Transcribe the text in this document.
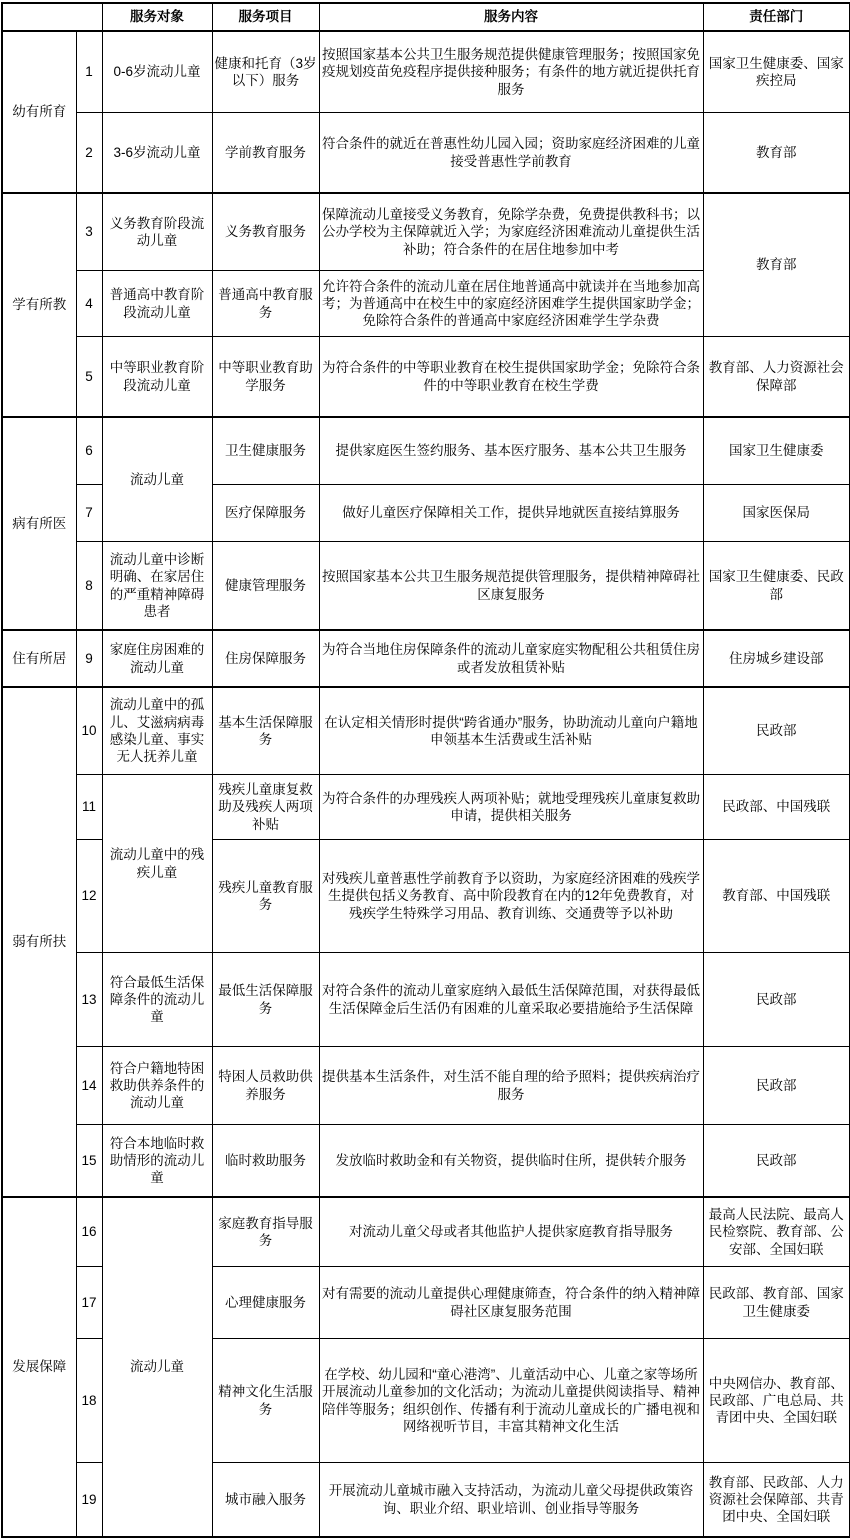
		服务对象	服务项目	服务内容	责任部门
幼有所育	1	0-6岁流动儿童	健康和托育（3岁以下）服务	按照国家基本公共卫生服务规范提供健康管理服务；按照国家免疫规划疫苗免疫程序提供接种服务；有条件的地方就近提供托育服务	国家卫生健康委、国家疾控局
	2	3-6岁流动儿童	学前教育服务	符合条件的就近在普惠性幼儿园入园；资助家庭经济困难的儿童接受普惠性学前教育	教育部
学有所教	3	义务教育阶段流动儿童	义务教育服务	保障流动儿童接受义务教育，免除学杂费，免费提供教科书；以公办学校为主保障就近入学；为家庭经济困难流动儿童提供生活补助；符合条件的在居住地参加中考	教育部
	4	普通高中教育阶段流动儿童	普通高中教育服务	允许符合条件的流动儿童在居住地普通高中就读并在当地参加高考；为普通高中在校生中的家庭经济困难学生提供国家助学金；免除符合条件的普通高中家庭经济困难学生学杂费	
	5	中等职业教育阶段流动儿童	中等职业教育助学服务	为符合条件的中等职业教育在校生提供国家助学金；免除符合条件的中等职业教育在校生学费	教育部、人力资源社会保障部
病有所医	6	流动儿童	卫生健康服务	提供家庭医生签约服务、基本医疗服务、基本公共卫生服务	国家卫生健康委
	7		医疗保障服务	做好儿童医疗保障相关工作，提供异地就医直接结算服务	国家医保局
	8	流动儿童中诊断明确、在家居住的严重精神障碍患者	健康管理服务	按照国家基本公共卫生服务规范提供管理服务，提供精神障碍社区康复服务	国家卫生健康委、民政部
住有所居	9	家庭住房困难的流动儿童	住房保障服务	为符合当地住房保障条件的流动儿童家庭实物配租公共租赁住房或者发放租赁补贴	住房城乡建设部
弱有所扶	10	流动儿童中的孤儿、艾滋病病毒感染儿童、事实无人抚养儿童	基本生活保障服务	在认定相关情形时提供“跨省通办”服务，协助流动儿童向户籍地申领基本生活费或生活补贴	民政部
	11	流动儿童中的残疾儿童	残疾儿童康复救助及残疾人两项补贴	为符合条件的办理残疾人两项补贴；就地受理残疾儿童康复救助申请，提供相关服务	民政部、中国残联
	12		残疾儿童教育服务	对残疾儿童普惠性学前教育予以资助，为家庭经济困难的残疾学生提供包括义务教育、高中阶段教育在内的12年免费教育，对残疾学生特殊学习用品、教育训练、交通费等予以补助	教育部、中国残联
	13	符合最低生活保障条件的流动儿童	最低生活保障服务	对符合条件的流动儿童家庭纳入最低生活保障范围，对获得最低生活保障金后生活仍有困难的儿童采取必要措施给予生活保障	民政部
	14	符合户籍地特困救助供养条件的流动儿童	特困人员救助供养服务	提供基本生活条件，对生活不能自理的给予照料；提供疾病治疗服务	民政部
	15	符合本地临时救助情形的流动儿童	临时救助服务	发放临时救助金和有关物资，提供临时住所，提供转介服务	民政部
发展保障	16	流动儿童	家庭教育指导服务	对流动儿童父母或者其他监护人提供家庭教育指导服务	最高人民法院、最高人民检察院、教育部、公安部、全国妇联
	17		心理健康服务	对有需要的流动儿童提供心理健康筛查，符合条件的纳入精神障碍社区康复服务范围	民政部、教育部、国家卫生健康委
	18		精神文化生活服务	在学校、幼儿园和“童心港湾”、儿童活动中心、儿童之家等场所开展流动儿童参加的文化活动；为流动儿童提供阅读指导、精神陪伴等服务；组织创作、传播有利于流动儿童成长的广播电视和网络视听节目，丰富其精神文化生活	中央网信办、教育部、民政部、广电总局、共青团中央、全国妇联
	19		城市融入服务	开展流动儿童城市融入支持活动，为流动儿童父母提供政策咨询、职业介绍、职业培训、创业指导等服务	教育部、民政部、人力资源社会保障部、共青团中央、全国妇联
